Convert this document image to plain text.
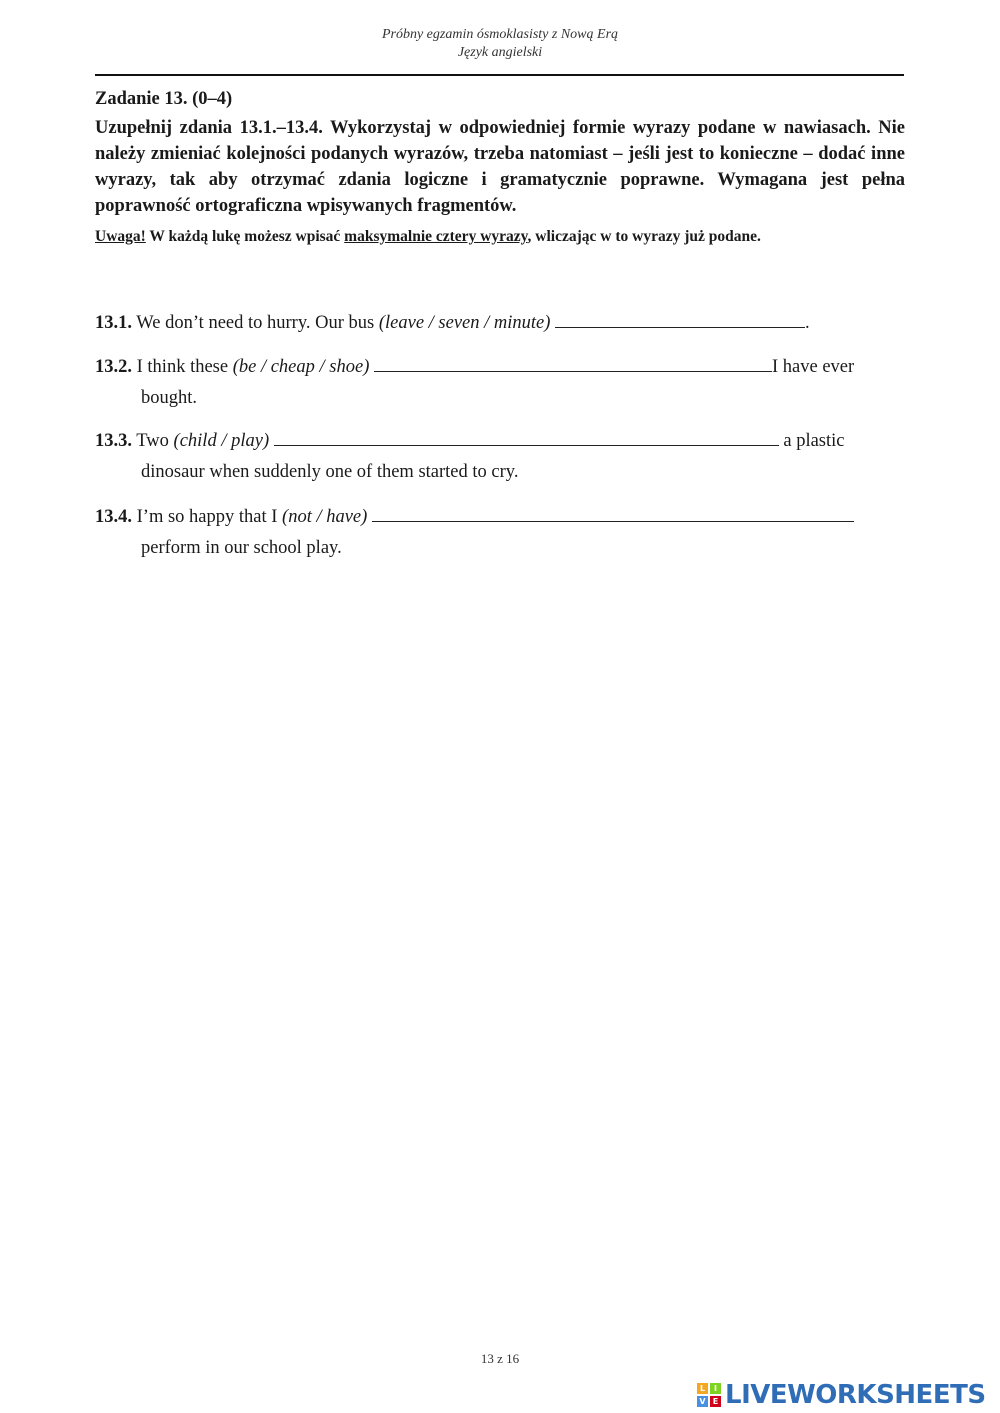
Próbny egzamin ósmoklasisty z Nową Erą
Język angielski
Zadanie 13. (0–4)
Uzupełnij zdania 13.1.–13.4. Wykorzystaj w odpowiedniej formie wyrazy podane w nawiasach. Nie należy zmieniać kolejności podanych wyrazów, trzeba natomiast – jeśli jest to konieczne – dodać inne wyrazy, tak aby otrzymać zdania logiczne i gramatycznie poprawne. Wymagana jest pełna poprawność ortograficzna wpisywanych fragmentów.
Uwaga! W każdą lukę możesz wpisać maksymalnie cztery wyrazy, wliczając w to wyrazy już podane.
13.1. We don’t need to hurry. Our bus (leave / seven / minute)	.
13.2. I think these (be / cheap / shoe)	I have ever
bought.
13.3. Two (child / play)	a plastic
dinosaur when suddenly one of them started to cry.
13.4. I’m so happy that I (not / have)
perform in our school play.
13 z 16
L	I
V E LIVEWORKSHEETS
